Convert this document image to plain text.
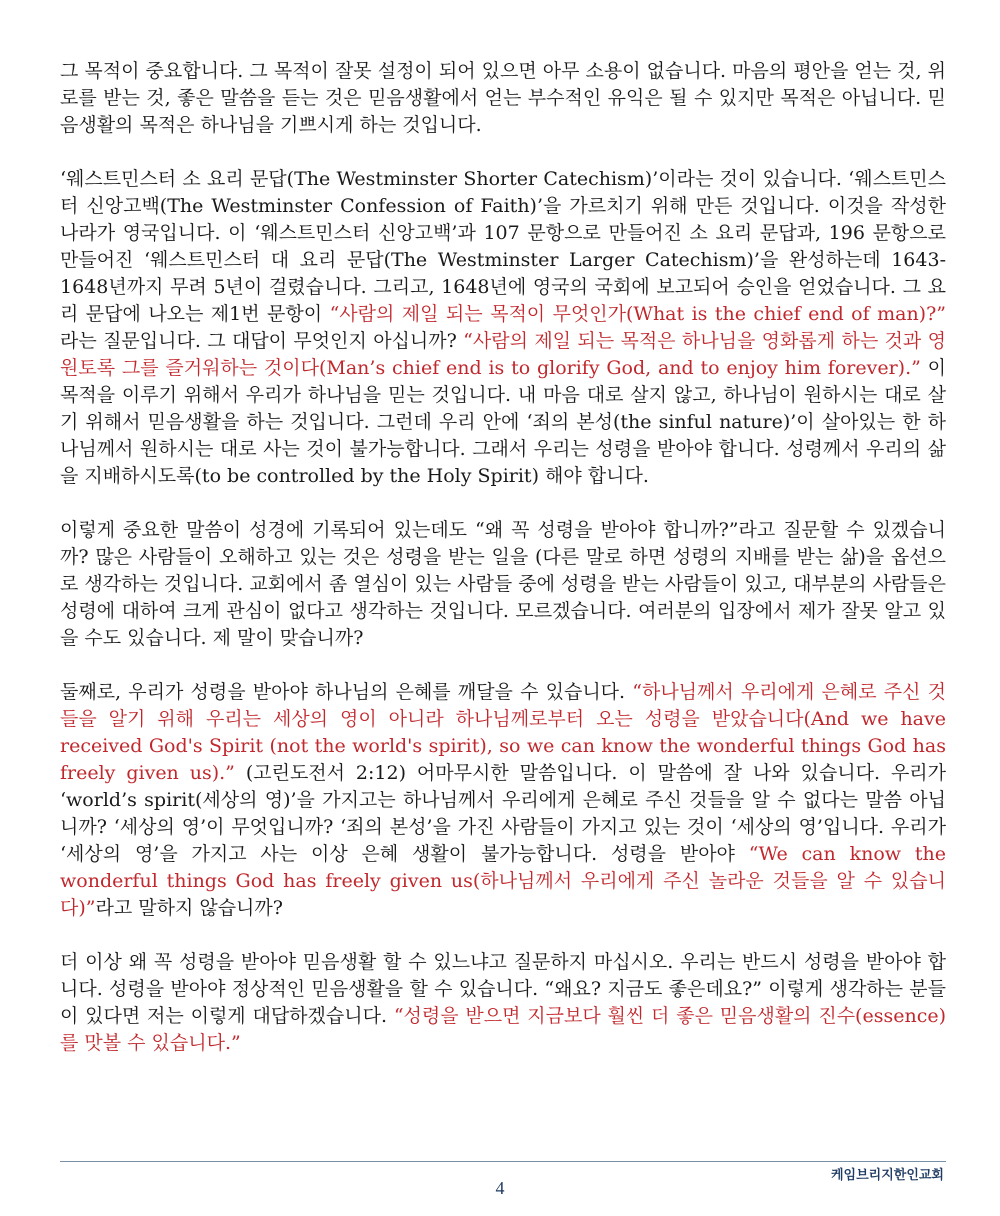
그 목적이 중요합니다. 그 목적이 잘못 설정이 되어 있으면 아무 소용이 없습니다. 마음의 평안을 얻는 것, 위로를 받는 것, 좋은 말씀을 듣는 것은 믿음생활에서 얻는 부수적인 유익은 될 수 있지만 목적은 아닙니다. 믿음생활의 목적은 하나님을 기쁘시게 하는 것입니다.

‘웨스트민스터 소 요리 문답(The Westminster Shorter Catechism)’이라는 것이 있습니다. ‘웨스트민스터 신앙고백(The Westminster Confession of Faith)’을 가르치기 위해 만든 것입니다. 이것을 작성한 나라가 영국입니다. 이 ‘웨스트민스터 신앙고백’과 107 문항으로 만들어진 소 요리 문답과, 196 문항으로 만들어진 ‘웨스트민스터 대 요리 문답(The Westminster Larger Catechism)’을 완성하는데 1643-1648년까지 무려 5년이 걸렸습니다. 그리고, 1648년에 영국의 국회에 보고되어 승인을 얻었습니다. 그 요리 문답에 나오는 제1번 문항이 “사람의 제일 되는 목적이 무엇인가(What is the chief end of man)?” 라는 질문입니다. 그 대답이 무엇인지 아십니까? “사람의 제일 되는 목적은 하나님을 영화롭게 하는 것과 영원토록 그를 즐거워하는 것이다(Man’s chief end is to glorify God, and to enjoy him forever).” 이 목적을 이루기 위해서 우리가 하나님을 믿는 것입니다. 내 마음 대로 살지 않고, 하나님이 원하시는 대로 살기 위해서 믿음생활을 하는 것입니다. 그런데 우리 안에 ‘죄의 본성(the sinful nature)’이 살아있는 한 하나님께서 원하시는 대로 사는 것이 불가능합니다. 그래서 우리는 성령을 받아야 합니다. 성령께서 우리의 삶을 지배하시도록(to be controlled by the Holy Spirit) 해야 합니다.

이렇게 중요한 말씀이 성경에 기록되어 있는데도 “왜 꼭 성령을 받아야 합니까?”라고 질문할 수 있겠습니까? 많은 사람들이 오해하고 있는 것은 성령을 받는 일을 (다른 말로 하면 성령의 지배를 받는 삶)을 옵션으로 생각하는 것입니다. 교회에서 좀 열심이 있는 사람들 중에 성령을 받는 사람들이 있고, 대부분의 사람들은 성령에 대하여 크게 관심이 없다고 생각하는 것입니다. 모르겠습니다. 여러분의 입장에서 제가 잘못 알고 있을 수도 있습니다. 제 말이 맞습니까?

둘째로, 우리가 성령을 받아야 하나님의 은혜를 깨달을 수 있습니다. “하나님께서 우리에게 은혜로 주신 것들을 알기 위해 우리는 세상의 영이 아니라 하나님께로부터 오는 성령을 받았습니다(And we have received God's Spirit (not the world's spirit), so we can know the wonderful things God has freely given us).” (고린도전서 2:12) 어마무시한 말씀입니다. 이 말씀에 잘 나와 있습니다. 우리가 ‘world’s spirit(세상의 영)’을 가지고는 하나님께서 우리에게 은혜로 주신 것들을 알 수 없다는 말씀 아닙니까? ‘세상의 영’이 무엇입니까? ‘죄의 본성’을 가진 사람들이 가지고 있는 것이 ‘세상의 영’입니다. 우리가 ‘세상의 영’을 가지고 사는 이상 은혜 생활이 불가능합니다. 성령을 받아야 “We can know the wonderful things God has freely given us(하나님께서 우리에게 주신 놀라운 것들을 알 수 있습니다)”라고 말하지 않습니까?

더 이상 왜 꼭 성령을 받아야 믿음생활 할 수 있느냐고 질문하지 마십시오. 우리는 반드시 성령을 받아야 합니다. 성령을 받아야 정상적인 믿음생활을 할 수 있습니다. “왜요? 지금도 좋은데요?” 이렇게 생각하는 분들이 있다면 저는 이렇게 대답하겠습니다. “성령을 받으면 지금보다 훨씬 더 좋은 믿음생활의 진수(essence)를 맛볼 수 있습니다.”

케임브리지한인교회
4
